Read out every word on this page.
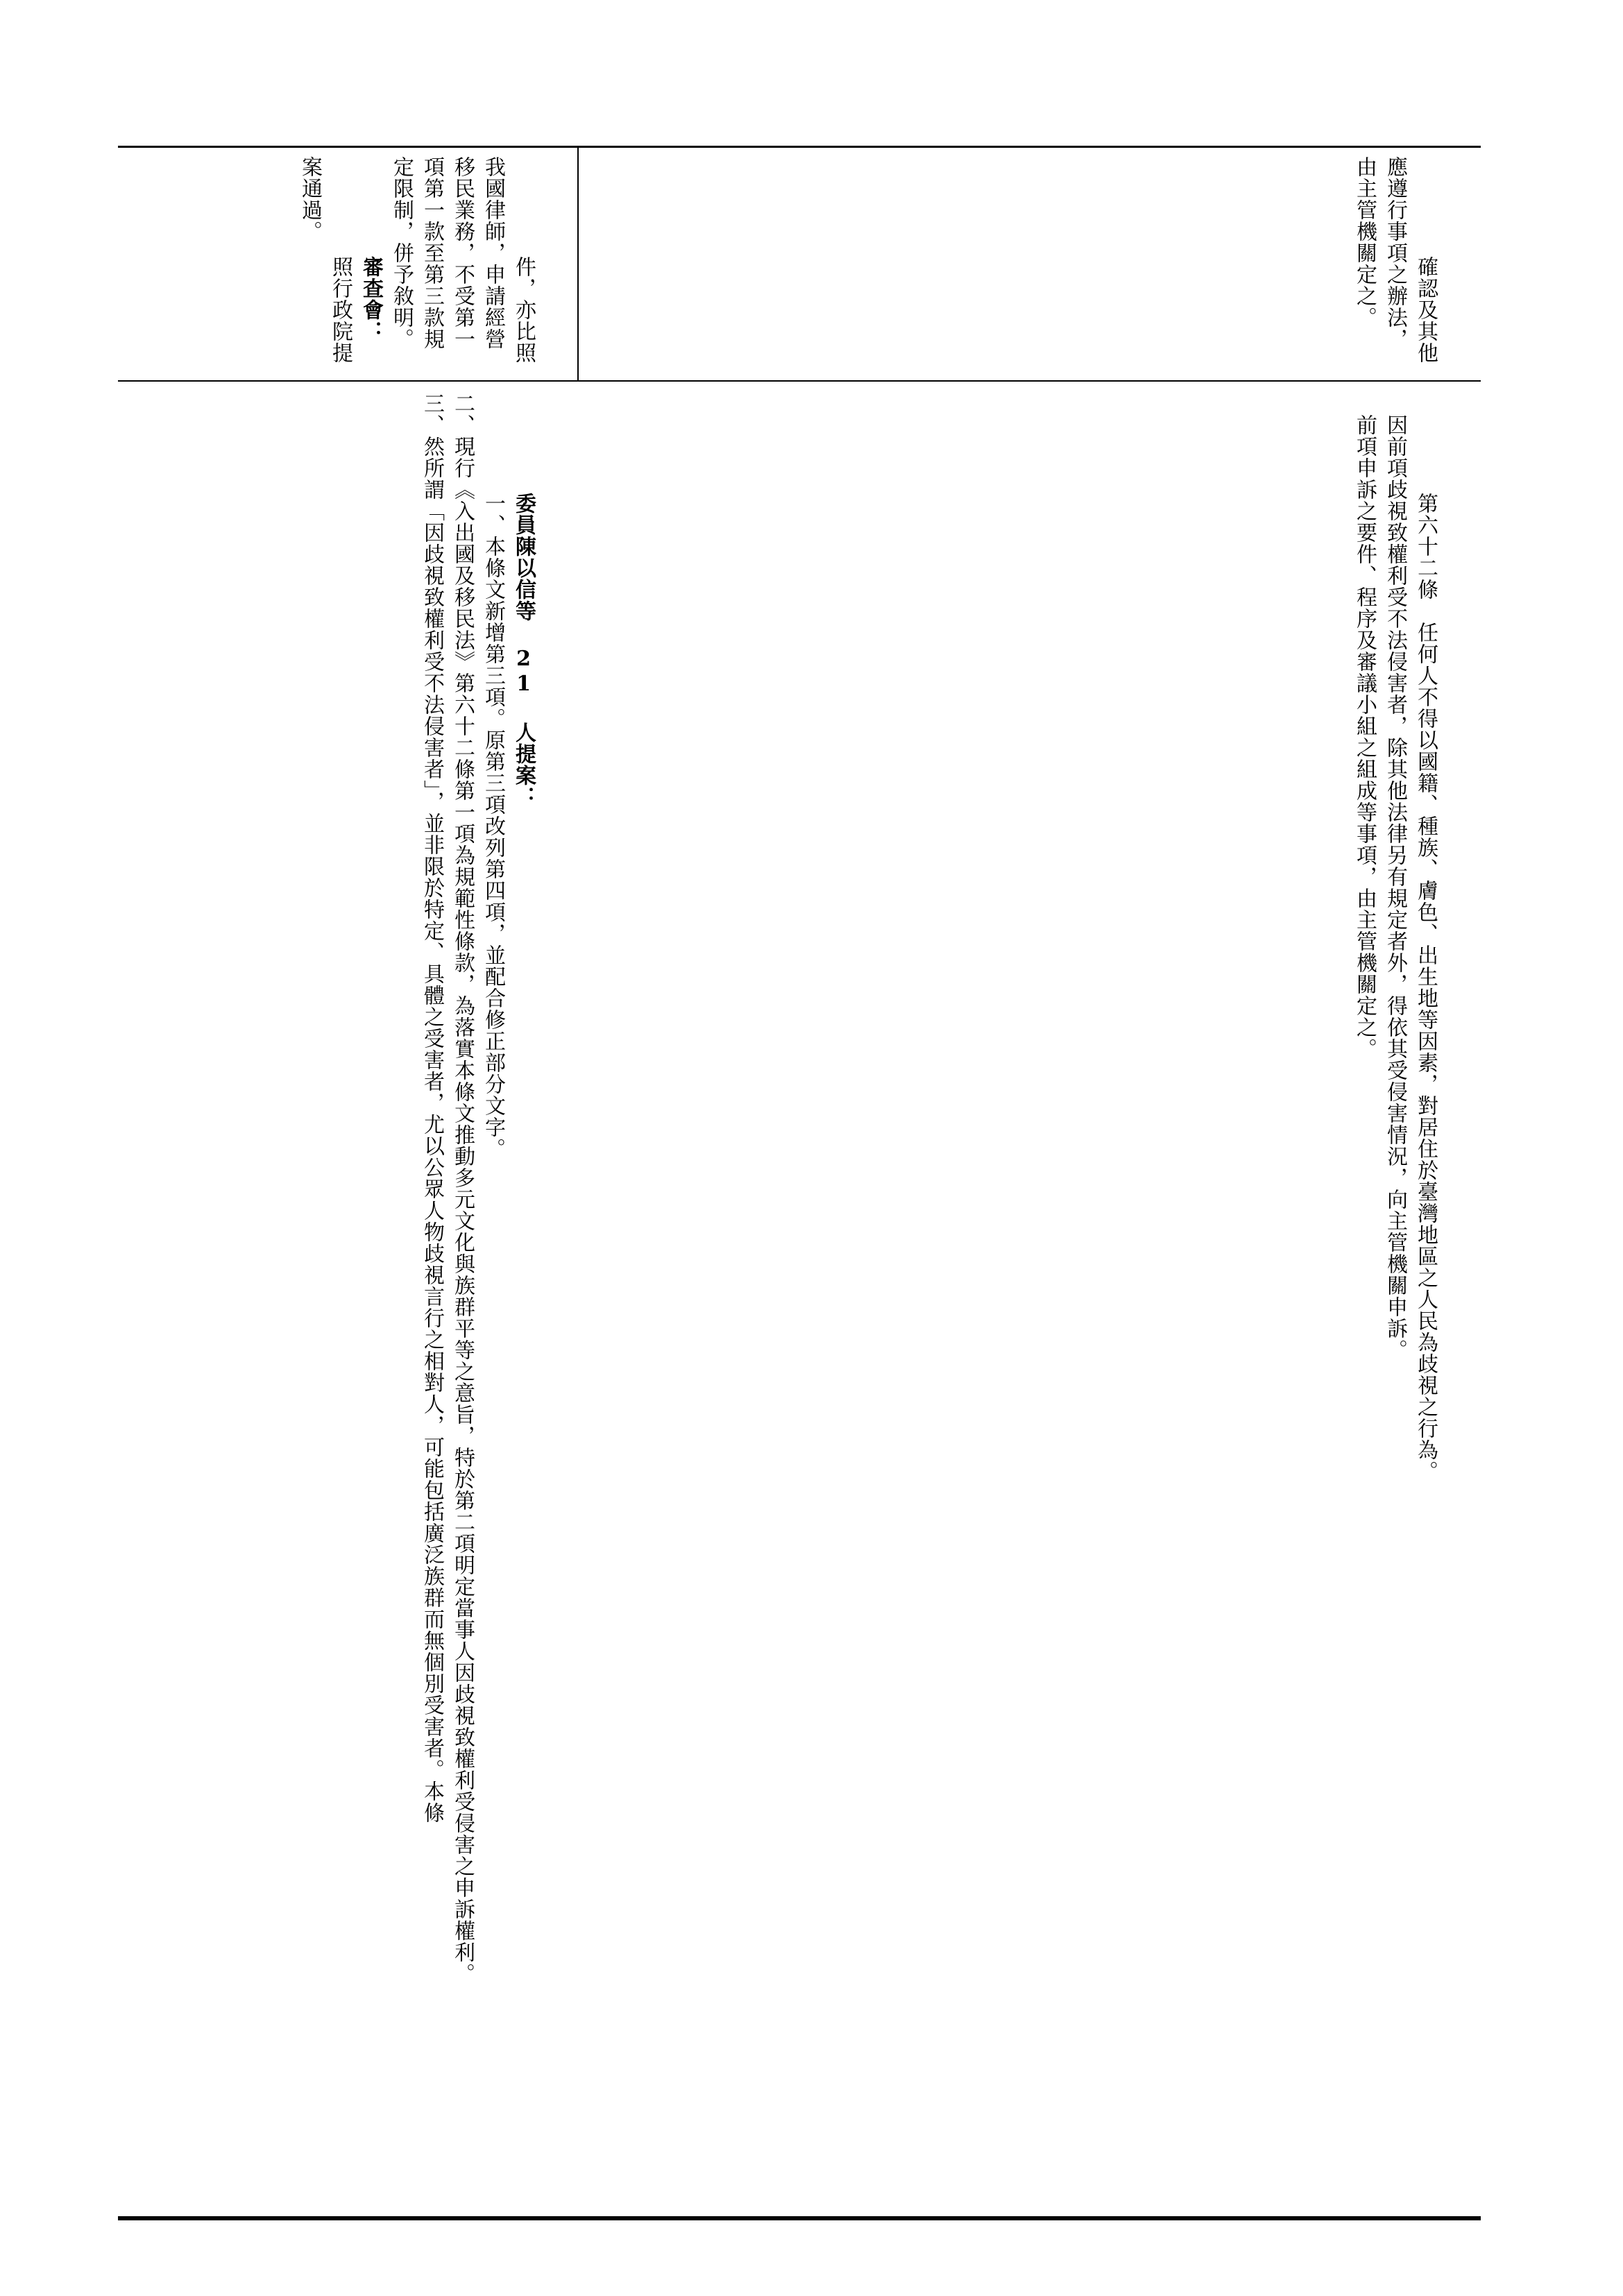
件，亦比照我國律師，申請經營移民業務，不受第一項第一款至第三款規定限制，併予敘明。
審查會：
照行政院提案通過。

確認及其他應遵行事項之辦法，由主管機關定之。

委員陳以信等 21 人提案：
一、本條文新增第三項。原第三項改列第四項，並配合修正部分文字。
二、現行《入出國及移民法》第六十二條第一項為規範性條款，為落實本條文推動多元文化與族群平等之意旨，特於第二項明定當事人因歧視致權利受侵害之申訴權利。
三、然所謂「因歧視致權利受不法侵害者」，並非限於特定、具體之受害者，尤以公眾人物歧視言行之相對人，可能包括廣泛族群而無個別受害者。本條
	第六十二條　任何人不得以國籍、種族、膚色、出生地等因素，對居住於臺灣地區之人民為歧視之行為。
　因前項歧視致權利受不法侵害者，除其他法律另有規定者外，得依其受侵害情況，向主管機關申訴。
　前項申訴之要件、程序及審議小組之組成等事項，由主管機關定之。
